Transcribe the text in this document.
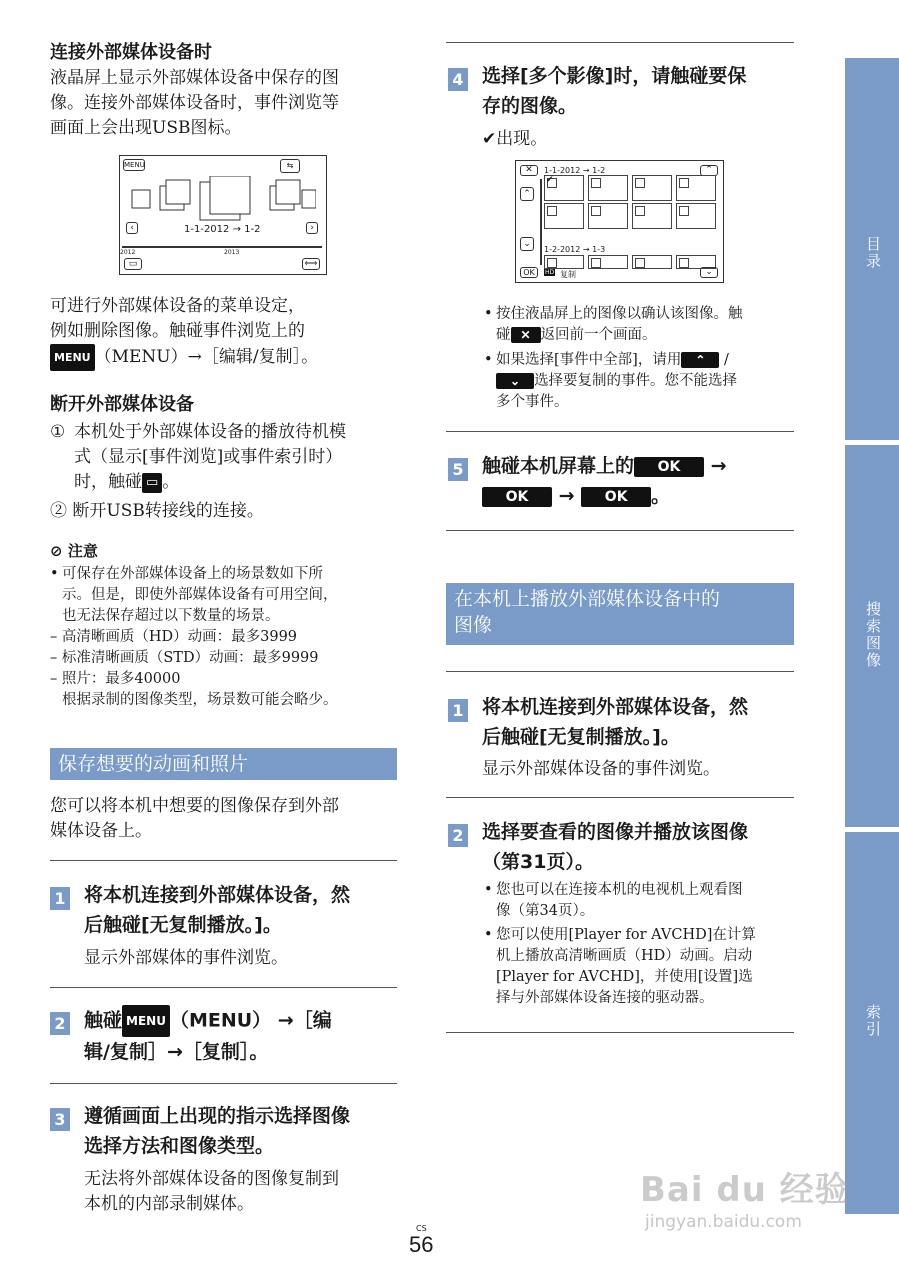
连接外部媒体设备时
液晶屏上显示外部媒体设备中保存的图
像。连接外部媒体设备时，事件浏览等
画面上会出现USB图标。
MENU	⇆
‹	1-1-2012 → 1-2	›
2012	2013
▭	⟺
可进行外部媒体设备的菜单设定，
例如删除图像。触碰事件浏览上的
MENU （MENU）→［编辑/复制］。
断开外部媒体设备
① 本机处于外部媒体设备的播放待机模
式（显示[事件浏览]或事件索引时）
时，触碰 ▭ 。
② 断开USB转接线的连接。
⊘ 注意
• 可保存在外部媒体设备上的场景数如下所
示。但是，即使外部媒体设备有可用空间，
也无法保存超过以下数量的场景。
– 高清晰画质（HD）动画：最多3999
– 标准清晰画质（STD）动画：最多9999
– 照片：最多40000
根据录制的图像类型，场景数可能会略少。
保存想要的动画和照片
您可以将本机中想要的图像保存到外部
媒体设备上。
1 将本机连接到外部媒体设备，然
后触碰[无复制播放。]。
显示外部媒体的事件浏览。
2 触碰 MENU （MENU） →［编
辑/复制］→［复制］。
3 遵循画面上出现的指示选择图像
选择方法和图像类型。
无法将外部媒体设备的图像复制到
本机的内部录制媒体。
4 选择[多个影像]时，请触碰要保
存的图像。
✔出现。
✕	1-1-2012 → 1-2	⌃
⌃
⌄
✔
1-2-2012 → 1-3
OK	HD 复制	⌄
• 按住液晶屏上的图像以确认该图像。触
碰 ✕ 返回前一个画面。
• 如果选择[事件中全部]，请用 ⌃ /
⌄ 选择要复制的事件。您不能选择
多个事件。
5 触碰本机屏幕上的 OK →
OK → OK 。
在本机上播放外部媒体设备中的
图像
1 将本机连接到外部媒体设备，然
后触碰[无复制播放。]。
显示外部媒体设备的事件浏览。
2 选择要查看的图像并播放该图像
（第31页）。
• 您也可以在连接本机的电视机上观看图
像（第34页）。
• 您可以使用[Player for AVCHD]在计算
机上播放高清晰画质（HD）动画。启动
[Player for AVCHD]，并使用[设置]选
择与外部媒体设备连接的驱动器。
目录
搜索图像
索引
CS
56
Bai du 经验
jingyan.baidu.com
